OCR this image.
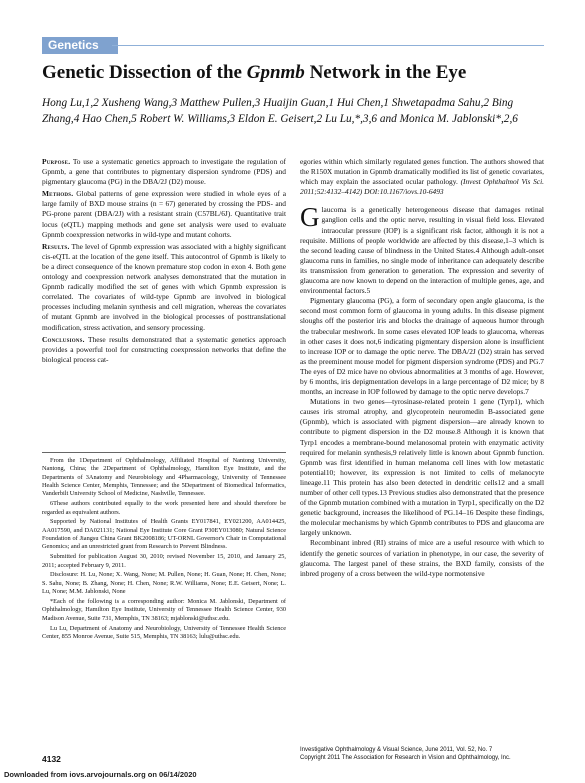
Genetics
Genetic Dissection of the Gpnmb Network in the Eye
Hong Lu,1,2 Xusheng Wang,3 Matthew Pullen,3 Huaijin Guan,1 Hui Chen,1 Shwetapadma Sahu,2 Bing Zhang,4 Hao Chen,5 Robert W. Williams,3 Eldon E. Geisert,2 Lu Lu,*,3,6 and Monica M. Jablonski*,2,6

Purpose. To use a systematic genetics approach to investigate the regulation of Gpnmb, a gene that contributes to pigmentary dispersion syndrome (PDS) and pigmentary glaucoma (PG) in the DBA/2J (D2) mouse.

Methods. Global patterns of gene expression were studied in whole eyes of a large family of BXD mouse strains (n = 67) generated by crossing the PDS- and PG-prone parent (DBA/2J) with a resistant strain (C57BL/6J). Quantitative trait locus (eQTL) mapping methods and gene set analysis were used to evaluate Gpnmb coexpression networks in wild-type and mutant cohorts.

Results. The level of Gpnmb expression was associated with a highly significant cis-eQTL at the location of the gene itself. This autocontrol of Gpnmb is likely to be a direct consequence of the known premature stop codon in exon 4. Both gene ontology and coexpression network analyses demonstrated that the mutation in Gpnmb radically modified the set of genes with which Gpnmb expression is correlated. The covariates of wild-type Gpnmb are involved in biological processes including melanin synthesis and cell migration, whereas the covariates of mutant Gpnmb are involved in the biological processes of posttranslational modification, stress activation, and sensory processing.

Conclusions. These results demonstrated that a systematic genetics approach provides a powerful tool for constructing coexpression networks that define the biological process cat-

egories within which similarly regulated genes function. The authors showed that the R150X mutation in Gpnmb dramatically modified its list of genetic covariates, which may explain the associated ocular pathology. (Invest Ophthalmol Vis Sci. 2011;52:4132–4142) DOI:10.1167/iovs.10-6493

Glaucoma is a genetically heterogeneous disease that damages retinal ganglion cells and the optic nerve, resulting in visual field loss. Elevated intraocular pressure (IOP) is a significant risk factor, although it is not a requisite. Millions of people worldwide are affected by this disease,1–3 which is the second leading cause of blindness in the United States.4 Although adult-onset glaucoma runs in families, no single mode of inheritance can adequately describe its transmission from generation to generation. The expression and severity of glaucoma are now known to depend on the interaction of multiple genes, age, and environmental factors.5

Pigmentary glaucoma (PG), a form of secondary open angle glaucoma, is the second most common form of glaucoma in young adults. In this disease pigment sloughs off the posterior iris and blocks the drainage of aqueous humor through the trabecular meshwork. In some cases elevated IOP leads to glaucoma, whereas in other cases it does not,6 indicating pigmentary dispersion alone is insufficient to increase IOP or to damage the optic nerve. The DBA/2J (D2) strain has served as the preeminent mouse model for pigment dispersion syndrome (PDS) and PG.7 The eyes of D2 mice have no obvious abnormalities at 3 months of age. However, by 6 months, iris depigmentation develops in a large percentage of D2 mice; by 8 months, an increase in IOP followed by damage to the optic nerve develops.7

Mutations in two genes—tyrosinase-related protein 1 gene (Tyrp1), which causes iris stromal atrophy, and glycoprotein neuromedin B-associated gene (Gpnmb), which is associated with pigment dispersion—are already known to contribute to pigment dispersion in the D2 mouse.8 Although it is known that Tyrp1 encodes a membrane-bound melanosomal protein with enzymatic activity required for melanin synthesis,9 relatively little is known about Gpnmb function. Gpnmb was first identified in human melanoma cell lines with low metastatic potential10; however, its expression is not limited to cells of melanocyte lineage.11 This protein has also been detected in dendritic cells12 and a small number of other cell types.13 Previous studies also demonstrated that the presence of the Gpnmb mutation combined with a mutation in Tyrp1, specifically on the D2 genetic background, increases the likelihood of PG.14–16 Despite these findings, the molecular mechanisms by which Gpnmb contributes to PDS and glaucoma are largely unknown.

Recombinant inbred (RI) strains of mice are a useful resource with which to identify the genetic sources of variation in phenotype, in our case, the severity of glaucoma. The largest panel of these strains, the BXD family, consists of the inbred progeny of a cross between the wild-type normotensive

From the 1Department of Ophthalmology, Affiliated Hospital of Nantong University, Nantong, China; the 2Department of Ophthalmology, Hamilton Eye Institute, and the Departments of 3Anatomy and Neurobiology and 4Pharmacology, University of Tennessee Health Science Center, Memphis, Tennessee; and the 5Department of Biomedical Informatics, Vanderbilt University School of Medicine, Nashville, Tennessee.

6These authors contributed equally to the work presented here and should therefore be regarded as equivalent authors.

Supported by National Institutes of Health Grants EY017841, EY021200, AA014425, AA017590, and DA021131; National Eye Institute Core Grant P30EY013080; Natural Science Foundation of Jiangsu China Grant BK2008186; UT-ORNL Governor's Chair in Computational Genomics; and an unrestricted grant from Research to Prevent Blindness.

Submitted for publication August 30, 2010; revised November 15, 2010, and January 25, 2011; accepted February 9, 2011.

Disclosure: H. Lu, None; X. Wang, None; M. Pullen, None; H. Guan, None; H. Chen, None; S. Sahu, None; B. Zhang, None; H. Chen, None; R.W. Williams, None; E.E. Geisert, None; L. Lu, None; M.M. Jablonski, None

*Each of the following is a corresponding author: Monica M. Jablonski, Department of Ophthalmology, Hamilton Eye Institute, University of Tennessee Health Science Center, 930 Madison Avenue, Suite 731, Memphis, TN 38163; mjablonski@uthsc.edu.

Lu Lu, Department of Anatomy and Neurobiology, University of Tennessee Health Science Center, 855 Monroe Avenue, Suite 515, Memphis, TN 38163; lulu@uthsc.edu.

Investigative Ophthalmology & Visual Science, June 2011, Vol. 52, No. 7
Copyright 2011 The Association for Research in Vision and Ophthalmology, Inc.
4132
Downloaded from iovs.arvojournals.org on 06/14/2020
